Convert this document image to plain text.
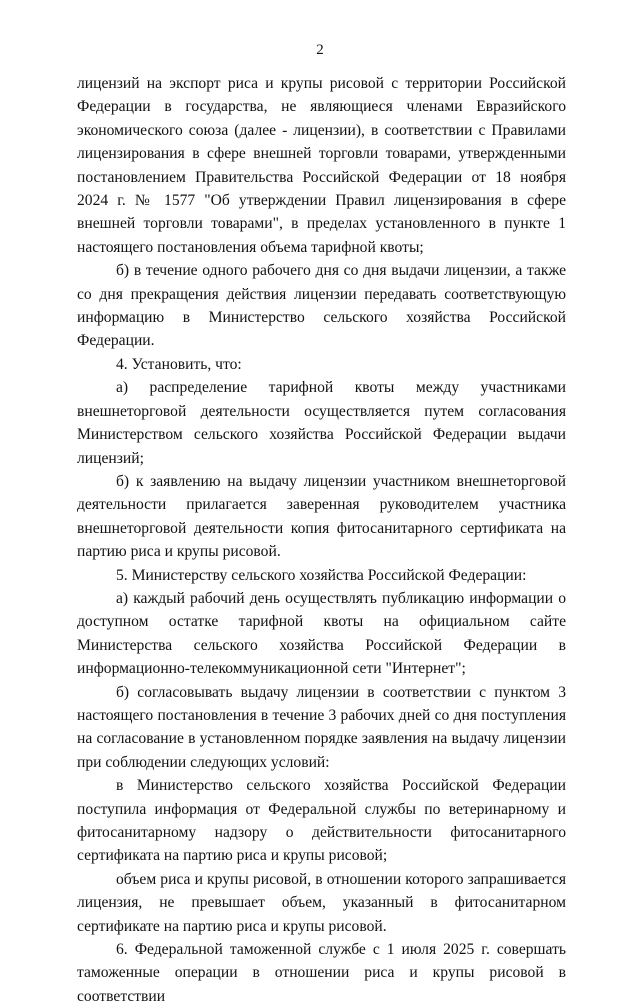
2

лицензий на экспорт риса и крупы рисовой с территории Российской Федерации в государства, не являющиеся членами Евразийского экономического союза (далее - лицензии), в соответствии с Правилами лицензирования в сфере внешней торговли товарами, утвержденными постановлением Правительства Российской Федерации от 18 ноября 2024 г. № 1577 "Об утверждении Правил лицензирования в сфере внешней торговли товарами", в пределах установленного в пункте 1 настоящего постановления объема тарифной квоты;

б) в течение одного рабочего дня со дня выдачи лицензии, а также со дня прекращения действия лицензии передавать соответствующую информацию в Министерство сельского хозяйства Российской Федерации.

4. Установить, что:

а) распределение тарифной квоты между участниками внешнеторговой деятельности осуществляется путем согласования Министерством сельского хозяйства Российской Федерации выдачи лицензий;

б) к заявлению на выдачу лицензии участником внешнеторговой деятельности прилагается заверенная руководителем участника внешнеторговой деятельности копия фитосанитарного сертификата на партию риса и крупы рисовой.

5. Министерству сельского хозяйства Российской Федерации:

а) каждый рабочий день осуществлять публикацию информации о доступном остатке тарифной квоты на официальном сайте Министерства сельского хозяйства Российской Федерации в информационно-телекоммуникационной сети "Интернет";

б) согласовывать выдачу лицензии в соответствии с пунктом 3 настоящего постановления в течение 3 рабочих дней со дня поступления на согласование в установленном порядке заявления на выдачу лицензии при соблюдении следующих условий:

в Министерство сельского хозяйства Российской Федерации поступила информация от Федеральной службы по ветеринарному и фитосанитарному надзору о действительности фитосанитарного сертификата на партию риса и крупы рисовой;

объем риса и крупы рисовой, в отношении которого запрашивается лицензия, не превышает объем, указанный в фитосанитарном сертификате на партию риса и крупы рисовой.

6. Федеральной таможенной службе с 1 июля 2025 г. совершать таможенные операции в отношении риса и крупы рисовой в соответствии
